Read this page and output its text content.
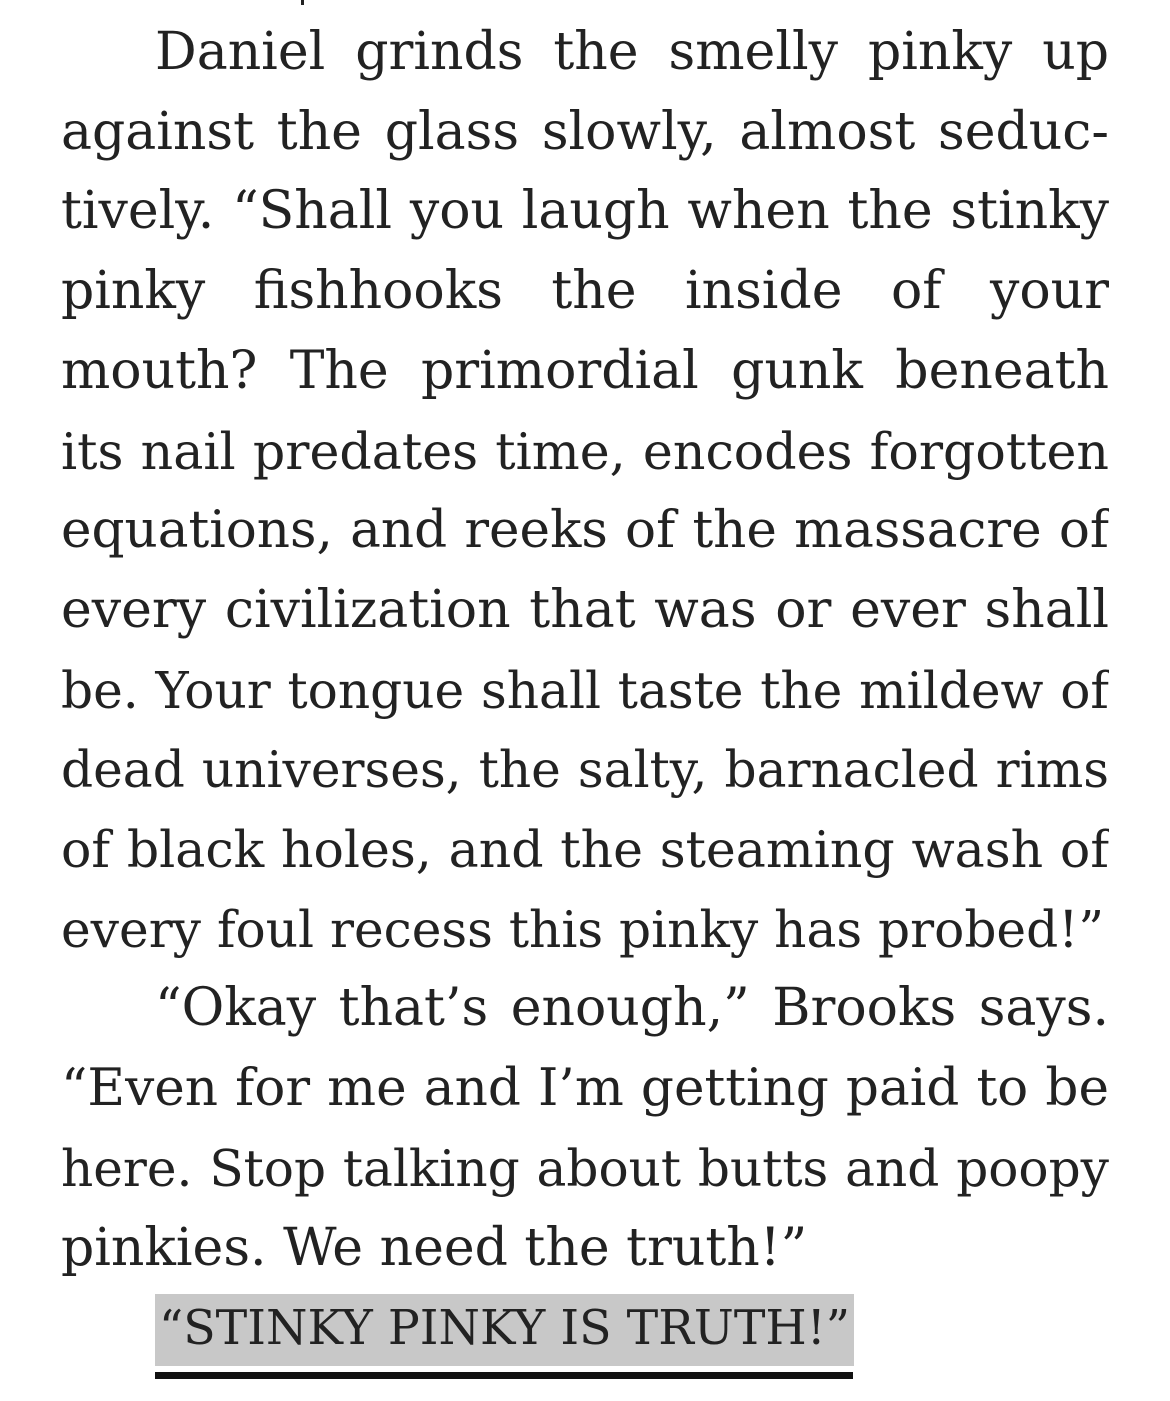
Daniel grinds the smelly pinky up
against the glass slowly, almost seduc-
tively. “Shall you laugh when the stinky
pinky fishhooks the inside of your
mouth? The primordial gunk beneath
its nail predates time, encodes forgotten
equations, and reeks of the massacre of
every civilization that was or ever shall
be. Your tongue shall taste the mildew of
dead universes, the salty, barnacled rims
of black holes, and the steaming wash of
every foul recess this pinky has probed!”
“Okay that’s enough,” Brooks says.
“Even for me and I’m getting paid to be
here. Stop talking about butts and poopy
pinkies. We need the truth!”
“STINKY PINKY IS TRUTH!”
